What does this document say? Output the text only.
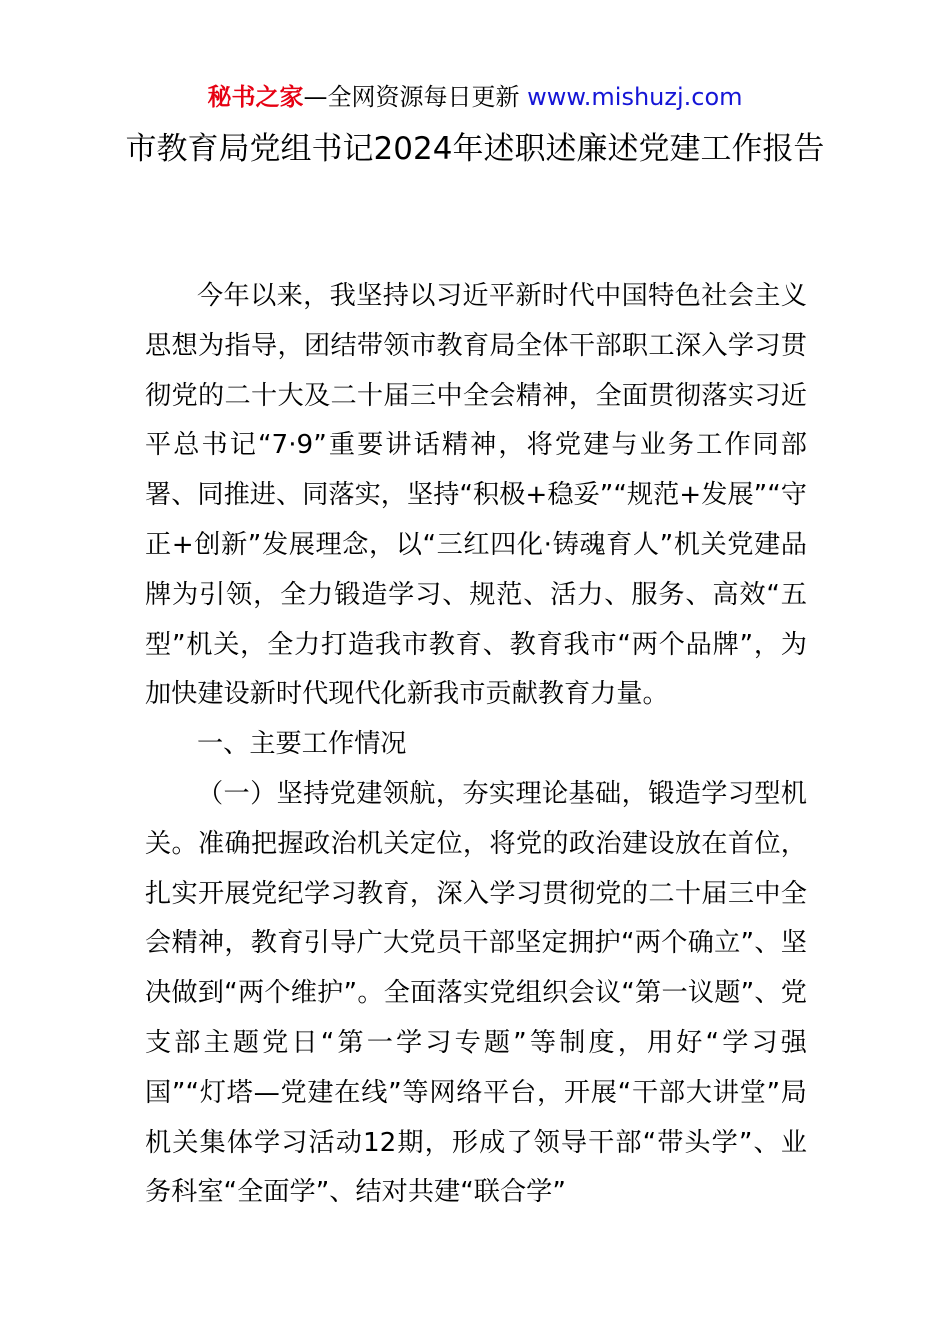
秘书之家—全网资源每日更新 www.mishuzj.com
市教育局党组书记2024年述职述廉述党建工作报告

今年以来，我坚持以习近平新时代中国特色社会主义思想为指导，团结带领市教育局全体干部职工深入学习贯彻党的二十大及二十届三中全会精神，全面贯彻落实习近平总书记“7·9”重要讲话精神，将党建与业务工作同部署、同推进、同落实，坚持“积极+稳妥”“规范+发展”“守正+创新”发展理念，以“三红四化·铸魂育人”机关党建品牌为引领，全力锻造学习、规范、活力、服务、高效“五型”机关，全力打造我市教育、教育我市“两个品牌”，为加快建设新时代现代化新我市贡献教育力量。

一、主要工作情况

（一）坚持党建领航，夯实理论基础，锻造学习型机关。准确把握政治机关定位，将党的政治建设放在首位，扎实开展党纪学习教育，深入学习贯彻党的二十届三中全会精神，教育引导广大党员干部坚定拥护“两个确立”、坚决做到“两个维护”。全面落实党组织会议“第一议题”、党支部主题党日“第一学习专题”等制度，用好“学习强国”“灯塔—党建在线”等网络平台，开展“干部大讲堂”局机关集体学习活动12期，形成了领导干部“带头学”、业务科室“全面学”、结对共建“联合学”
